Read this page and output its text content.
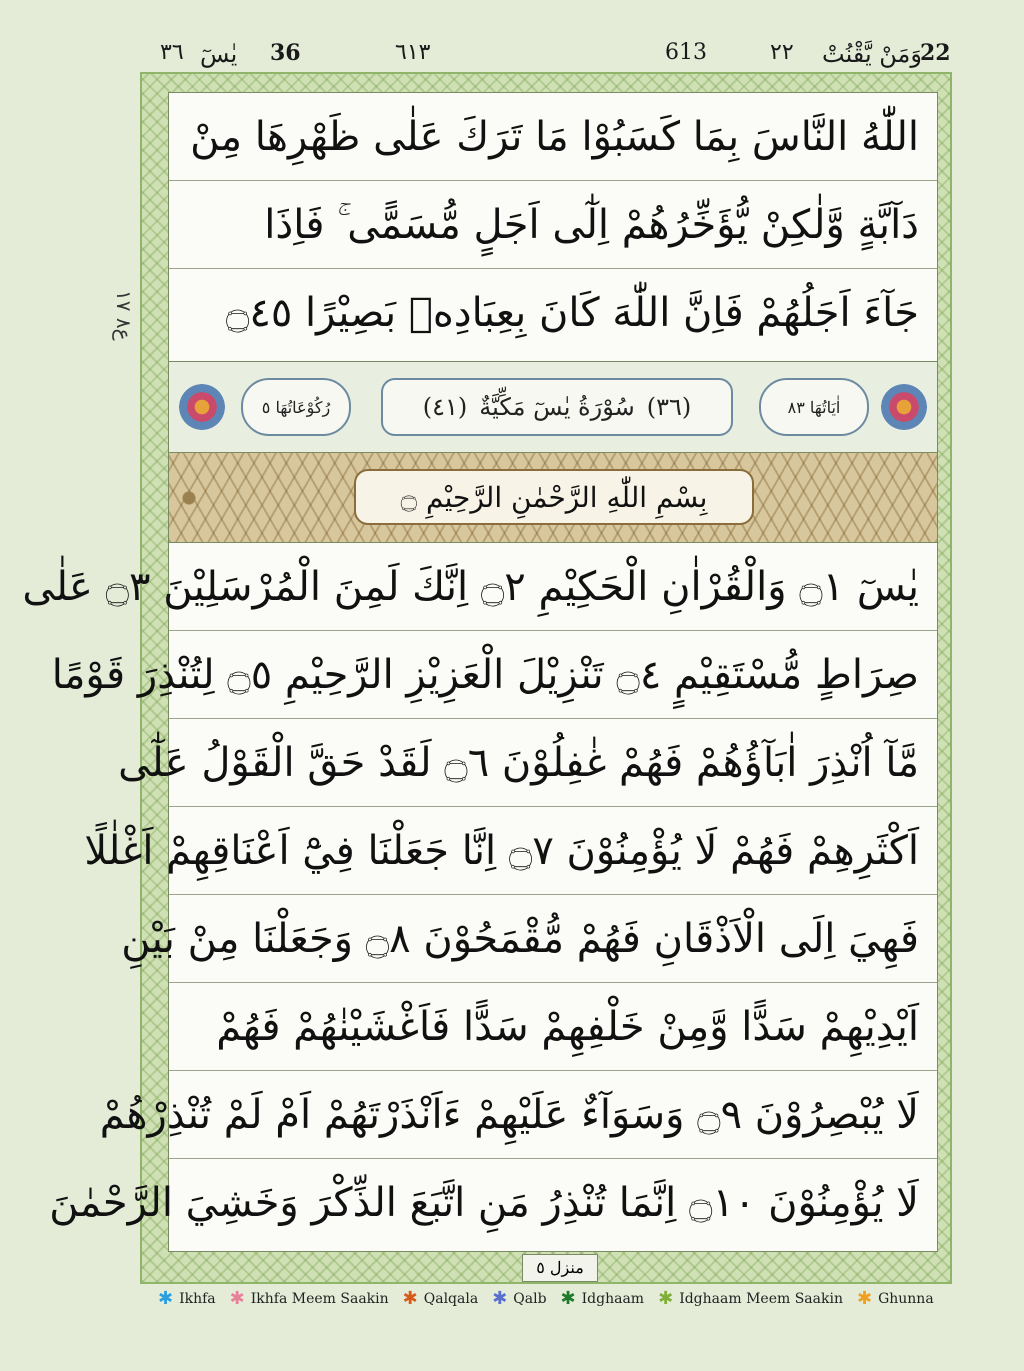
٣٦ يٰسٓ 36	٦١٣	613	٢٢ وَمَنْ يَّقْنُتْ
22
ع٨ ١٧
اللّٰهُ النَّاسَ بِمَا كَسَبُوْا مَا تَرَكَ عَلٰى ظَهْرِهَا مِنْ
دَآبَّةٍ وَّلٰكِنْ يُّؤَخِّرُهُمْ اِلٰٓى اَجَلٍ مُّسَمًّى ۚ فَاِذَا
جَآءَ اَجَلُهُمْ فَاِنَّ اللّٰهَ كَانَ بِعِبَادِهٖ بَصِيْرًا ۝٤٥
رُكُوْعَاتُهَا ٥	(٣٦)
سُوْرَةُ يٰسٓ مَكِّيَّةٌ
(٤١)	اٰيَاتُهَا ٨٣
بِسْمِ اللّٰهِ الرَّحْمٰنِ الرَّحِيْمِ ۝
يٰسٓ ۝١ وَالْقُرْاٰنِ الْحَكِيْمِ ۝٢ اِنَّكَ لَمِنَ الْمُرْسَلِيْنَ ۝٣ عَلٰى
صِرَاطٍ مُّسْتَقِيْمٍ ۝٤ تَنْزِيْلَ الْعَزِيْزِ الرَّحِيْمِ ۝٥ لِتُنْذِرَ قَوْمًا
مَّآ اُنْذِرَ اٰبَآؤُهُمْ فَهُمْ غٰفِلُوْنَ ۝٦ لَقَدْ حَقَّ الْقَوْلُ عَلٰٓى
اَكْثَرِهِمْ فَهُمْ لَا يُؤْمِنُوْنَ ۝٧ اِنَّا جَعَلْنَا فِيْٓ اَعْنَاقِهِمْ اَغْلٰلًا
فَهِيَ اِلَى الْاَذْقَانِ فَهُمْ مُّقْمَحُوْنَ ۝٨ وَجَعَلْنَا مِنْ بَيْنِ
اَيْدِيْهِمْ سَدًّا وَّمِنْ خَلْفِهِمْ سَدًّا فَاَغْشَيْنٰهُمْ فَهُمْ
لَا يُبْصِرُوْنَ ۝٩ وَسَوَآءٌ عَلَيْهِمْ ءَاَنْذَرْتَهُمْ اَمْ لَمْ تُنْذِرْهُمْ
لَا يُؤْمِنُوْنَ ۝١٠ اِنَّمَا تُنْذِرُ مَنِ اتَّبَعَ الذِّكْرَ وَخَشِيَ الرَّحْمٰنَ
منزل ٥
✱ Ikhfa ✱ Ikhfa Meem Saakin ✱ Qalqala ✱ Qalb ✱ Idghaam ✱ Idghaam Meem Saakin ✱ Ghunna
